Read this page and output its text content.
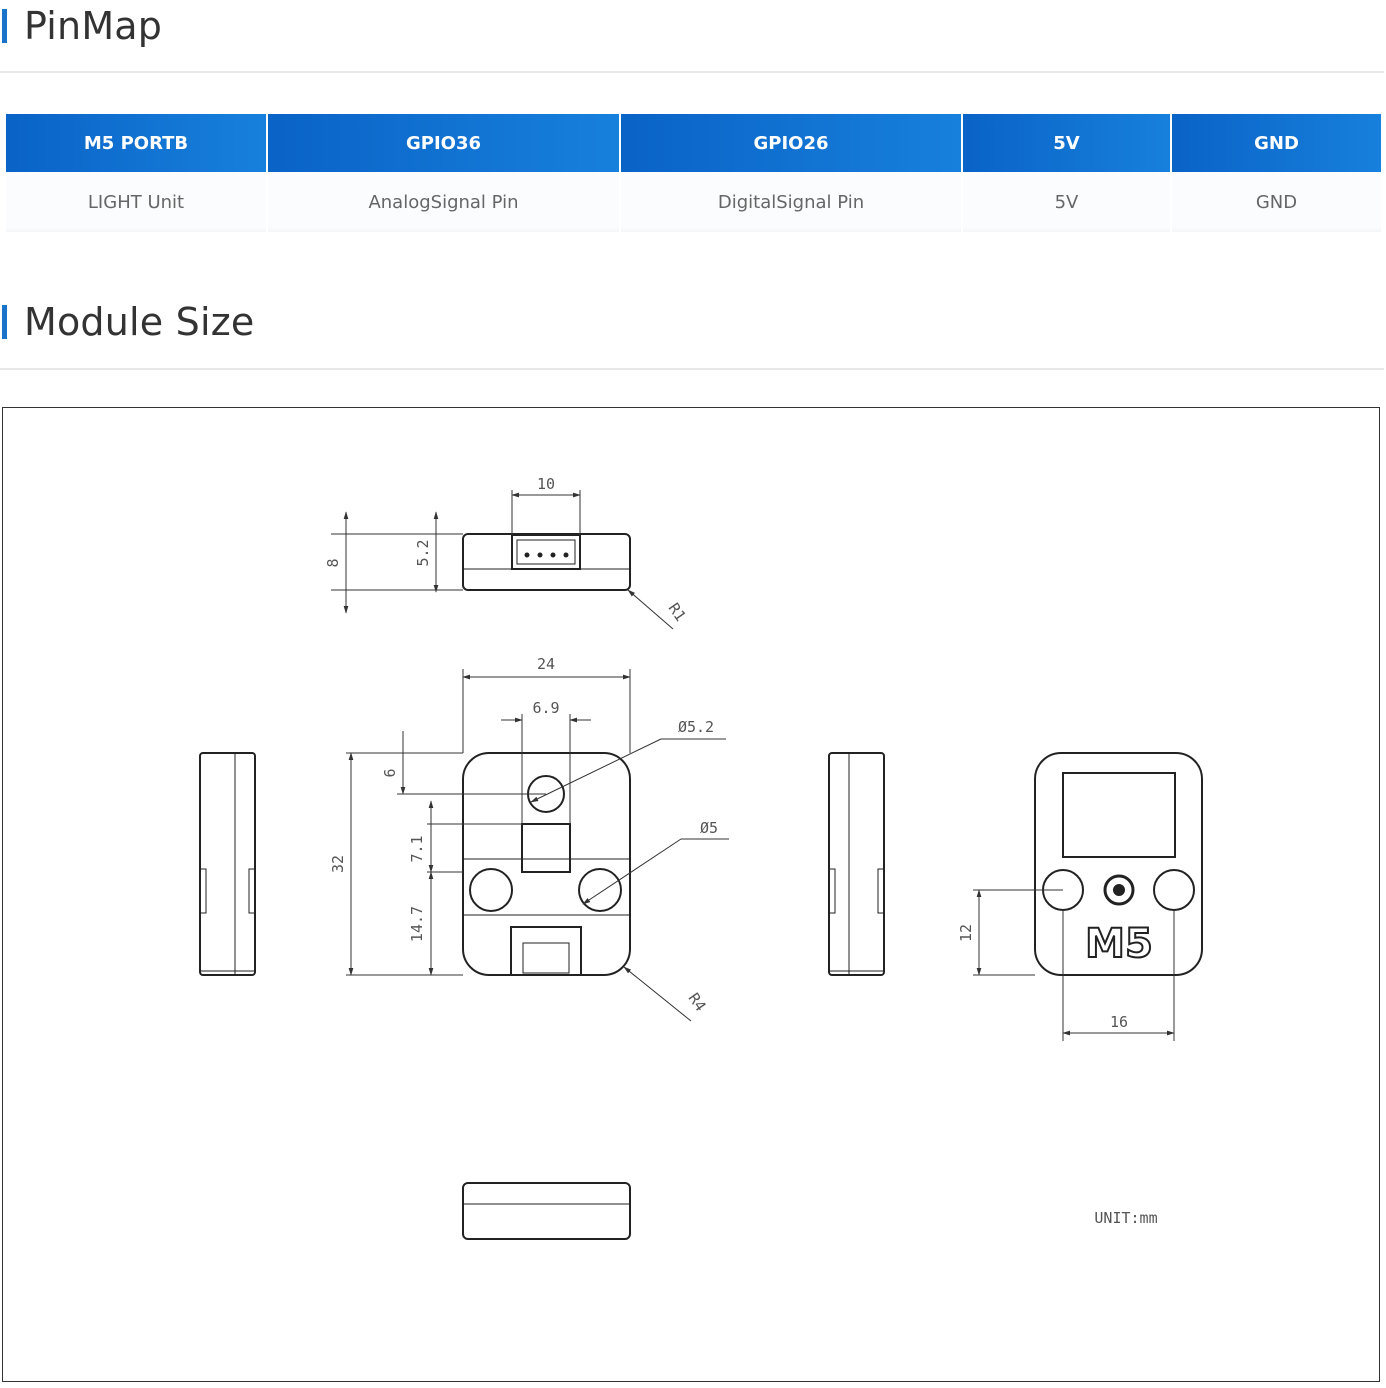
PinMap
M5 PORTB	GPIO36	GPIO26	5V	GND
LIGHT Unit	AnalogSignal Pin	DigitalSignal Pin	5V	GND
Module Size
10
8	5.2
R1
24
6.9
Ø5.2
Ø5
6
7.1
32
14.7
R4
12
16
UNIT:mm
M5
